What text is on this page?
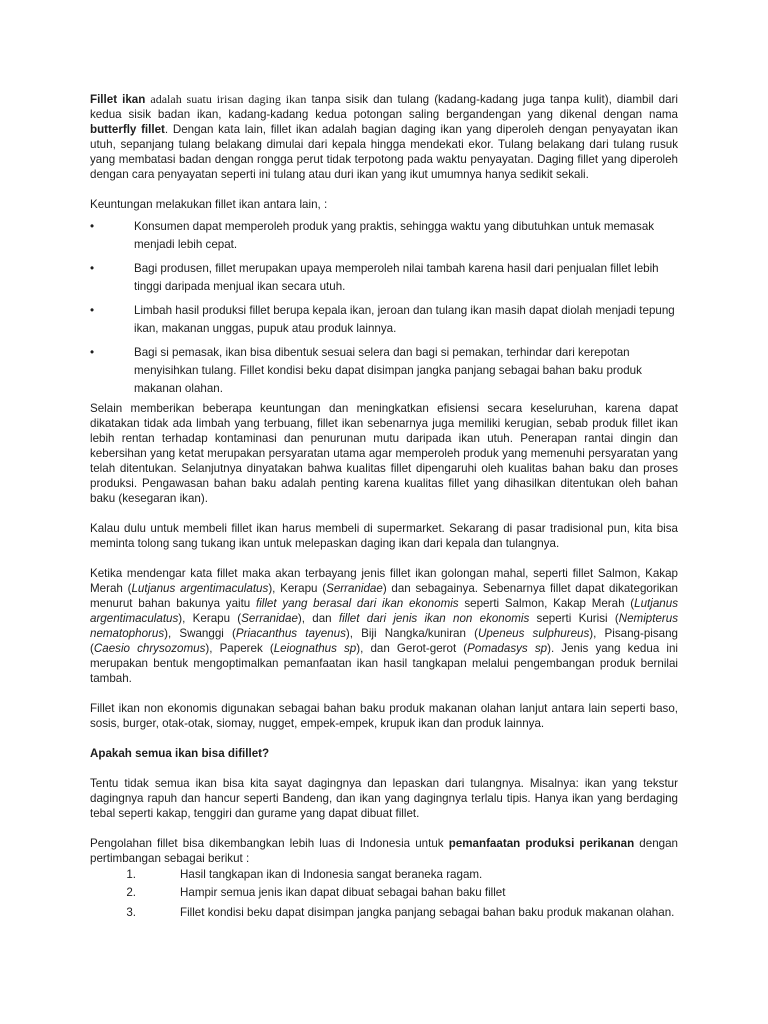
Fillet ikan adalah suatu irisan daging ikan tanpa sisik dan tulang (kadang-kadang juga tanpa kulit), diambil dari kedua sisik badan ikan, kadang-kadang kedua potongan saling bergandengan yang dikenal dengan nama butterfly fillet. Dengan kata lain, fillet ikan adalah bagian daging ikan yang diperoleh dengan penyayatan ikan utuh, sepanjang tulang belakang dimulai dari kepala hingga mendekati ekor. Tulang belakang dari tulang rusuk yang membatasi badan dengan rongga perut tidak terpotong pada waktu penyayatan. Daging fillet yang diperoleh dengan cara penyayatan seperti ini tulang atau duri ikan yang ikut umumnya hanya sedikit sekali.

Keuntungan melakukan fillet ikan antara lain, :

•	Konsumen dapat memperoleh produk yang praktis, sehingga waktu yang dibutuhkan untuk memasak menjadi lebih cepat.
•	Bagi produsen, fillet merupakan upaya memperoleh nilai tambah karena hasil dari penjualan fillet lebih tinggi daripada menjual ikan secara utuh.
•	Limbah hasil produksi fillet berupa kepala ikan, jeroan dan tulang ikan masih dapat diolah menjadi tepung ikan, makanan unggas, pupuk atau produk lainnya.
•	Bagi si pemasak, ikan bisa dibentuk sesuai selera dan bagi si pemakan, terhindar dari kerepotan menyisihkan tulang. Fillet kondisi beku dapat disimpan jangka panjang sebagai bahan baku produk makanan olahan.

Selain memberikan beberapa keuntungan dan meningkatkan efisiensi secara keseluruhan, karena dapat dikatakan tidak ada limbah yang terbuang, fillet ikan sebenarnya juga memiliki kerugian, sebab produk fillet ikan lebih rentan terhadap kontaminasi dan penurunan mutu daripada ikan utuh. Penerapan rantai dingin dan kebersihan yang ketat merupakan persyaratan utama agar memperoleh produk yang memenuhi persyaratan yang telah ditentukan. Selanjutnya dinyatakan bahwa kualitas fillet dipengaruhi oleh kualitas bahan baku dan proses produksi. Pengawasan bahan baku adalah penting karena kualitas fillet yang dihasilkan ditentukan oleh bahan baku (kesegaran ikan).

Kalau dulu untuk membeli fillet ikan harus membeli di supermarket. Sekarang di pasar tradisional pun, kita bisa meminta tolong sang tukang ikan untuk melepaskan daging ikan dari kepala dan tulangnya.

Ketika mendengar kata fillet maka akan terbayang jenis fillet ikan golongan mahal, seperti fillet Salmon, Kakap Merah (Lutjanus argentimaculatus), Kerapu (Serranidae) dan sebagainya. Sebenarnya fillet dapat dikategorikan menurut bahan bakunya yaitu fillet yang berasal dari ikan ekonomis seperti Salmon, Kakap Merah (Lutjanus argentimaculatus), Kerapu (Serranidae), dan fillet dari jenis ikan non ekonomis seperti Kurisi (Nemipterus nematophorus), Swanggi (Priacanthus tayenus), Biji Nangka/kuniran (Upeneus sulphureus), Pisang-pisang (Caesio chrysozomus), Paperek (Leiognathus sp), dan Gerot-gerot (Pomadasys sp). Jenis yang kedua ini merupakan bentuk mengoptimalkan pemanfaatan ikan hasil tangkapan melalui pengembangan produk bernilai tambah.

Fillet ikan non ekonomis digunakan sebagai bahan baku produk makanan olahan lanjut antara lain seperti baso, sosis, burger, otak-otak, siomay, nugget, empek-empek, krupuk ikan dan produk lainnya.

Apakah semua ikan bisa difillet?

Tentu tidak semua ikan bisa kita sayat dagingnya dan lepaskan dari tulangnya. Misalnya: ikan yang tekstur dagingnya rapuh dan hancur seperti Bandeng, dan ikan yang dagingnya terlalu tipis. Hanya ikan yang berdaging tebal seperti kakap, tenggiri dan gurame yang dapat dibuat fillet.

Pengolahan fillet bisa dikembangkan lebih luas di Indonesia untuk pemanfaatan produksi perikanan dengan pertimbangan sebagai berikut :

1.	Hasil tangkapan ikan di Indonesia sangat beraneka ragam.
2.	Hampir semua jenis ikan dapat dibuat sebagai bahan baku fillet

3.	Fillet kondisi beku dapat disimpan jangka panjang sebagai bahan baku produk makanan olahan.
